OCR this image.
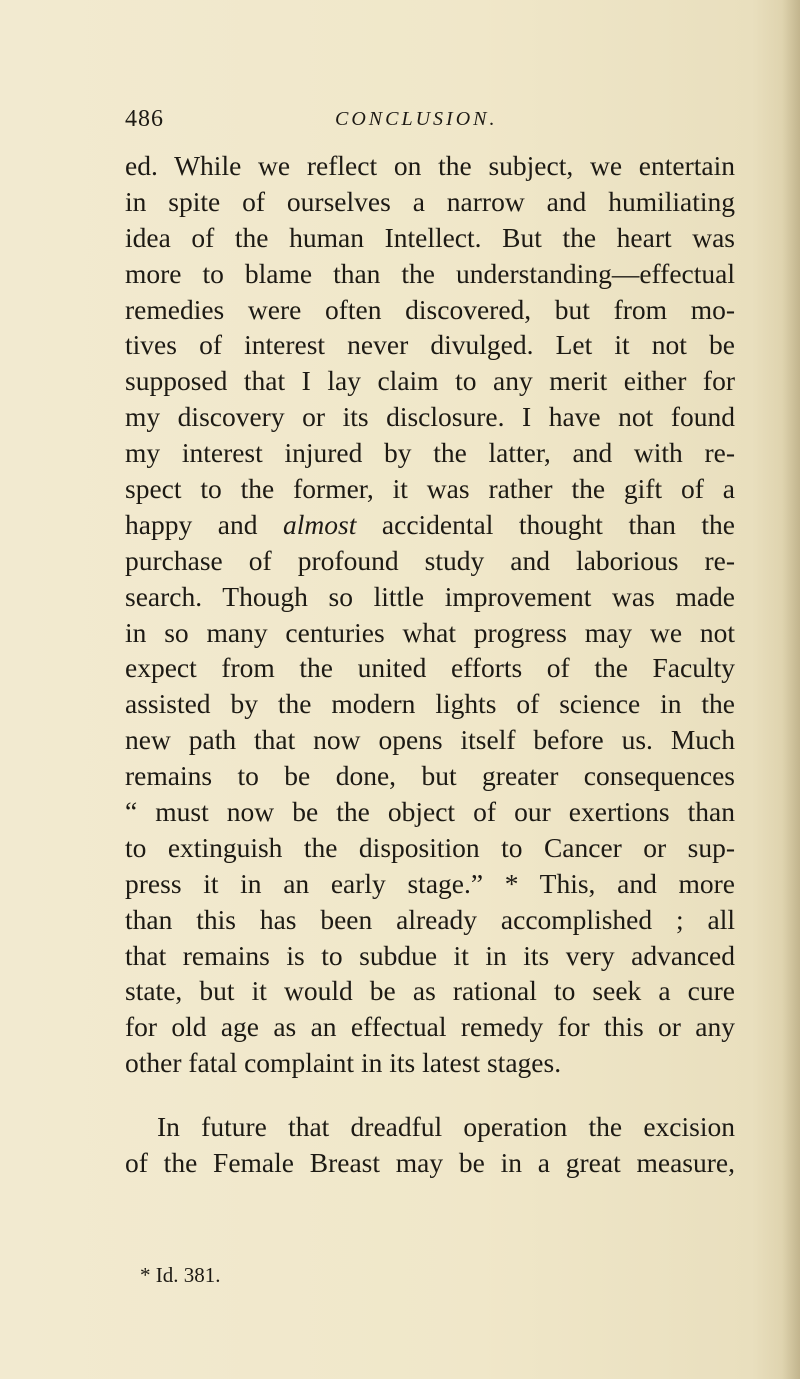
486	CONCLUSION.
ed. While we reflect on the subject, we entertain
in spite of ourselves a narrow and humiliating
idea of the human Intellect. But the heart was
more to blame than the understanding—effectual
remedies were often discovered, but from mo-
tives of interest never divulged. Let it not be
supposed that I lay claim to any merit either for
my discovery or its disclosure. I have not found
my interest injured by the latter, and with re-
spect to the former, it was rather the gift of a
happy and almost accidental thought than the
purchase of profound study and laborious re-
search. Though so little improvement was made
in so many centuries what progress may we not
expect from the united efforts of the Faculty
assisted by the modern lights of science in the
new path that now opens itself before us. Much
remains to be done, but greater consequences
“ must now be the object of our exertions than
to extinguish the disposition to Cancer or sup-
press it in an early stage.” * This, and more
than this has been already accomplished ; all
that remains is to subdue it in its very advanced
state, but it would be as rational to seek a cure
for old age as an effectual remedy for this or any
other fatal complaint in its latest stages.
In future that dreadful operation the excision
of the Female Breast may be in a great measure,
* Id. 381.
